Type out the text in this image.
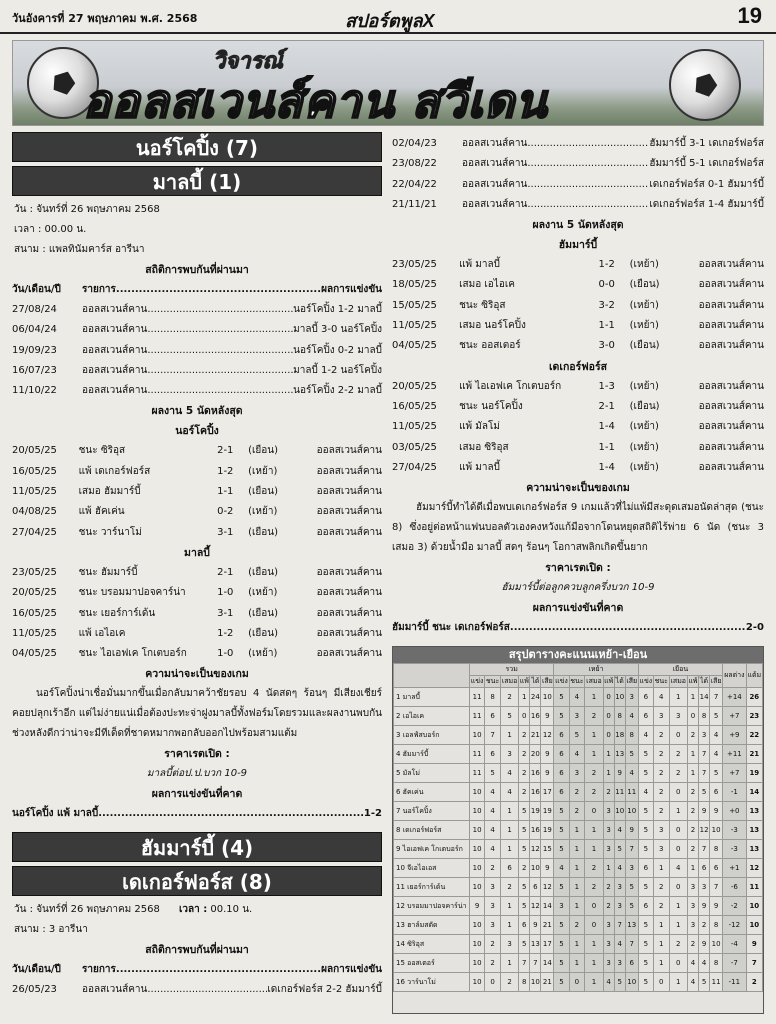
วันอังคารที่ 27 พฤษภาคม พ.ศ. 2568	สปอร์ตพูลX	19
วิจารณ์
ออลสเวนส์คาน สวีเดน
นอร์โคปิ้ง (7)
มาลบี้ (1)
วัน : จันทร์ที่ 26 พฤษภาคม 2568
เวลา : 00.00 น.
สนาม : แพลทินัมคาร์ส อารีนา
สถิติการพบกันที่ผ่านมา
วัน/เดือน/ปี	รายการ .....	ผลการแข่งขัน
27/08/24	ออลสเวนส์คาน .....	นอร์โคปิ้ง 1-2 มาลบี้
06/04/24	ออลสเวนส์คาน .....	มาลบี้ 3-0 นอร์โคปิ้ง
19/09/23	ออลสเวนส์คาน .....	นอร์โคปิ้ง 0-2 มาลบี้
16/07/23	ออลสเวนส์คาน .....	มาลบี้ 1-2 นอร์โคปิ้ง
11/10/22	ออลสเวนส์คาน .....	นอร์โคปิ้ง 2-2 มาลบี้
ผลงาน 5 นัดหลังสุด
นอร์โคปิ้ง
20/05/25	ชนะ ซิริอุส	2-1	(เยือน)	ออลสเวนส์คาน
16/05/25	แพ้ เดเกอร์ฟอร์ส	1-2	(เหย้า)	ออลสเวนส์คาน
11/05/25	เสมอ ฮัมมาร์บี้	1-1	(เยือน)	ออลสเวนส์คาน
04/08/25	แพ้ ฮัคเค่น	0-2	(เหย้า)	ออลสเวนส์คาน
27/04/25	ชนะ วาร์นาโม่	3-1	(เยือน)	ออลสเวนส์คาน
มาลบี้
23/05/25	ชนะ ฮัมมาร์บี้	2-1	(เยือน)	ออลสเวนส์คาน
20/05/25	ชนะ บรอมมาปอจคาร์น่า	1-0	(เหย้า)	ออลสเวนส์คาน
16/05/25	ชนะ เยอร์การ์เด้น	3-1	(เยือน)	ออลสเวนส์คาน
11/05/25	แพ้ เอไอเค	1-2	(เยือน)	ออลสเวนส์คาน
04/05/25	ชนะ ไอเอฟเค โกเตบอร์ก	1-0	(เหย้า)	ออลสเวนส์คาน
ความน่าจะเป็นของเกม
นอร์โคปิ้งน่าเชื่อมั่นมากขึ้นเมื่อกลับมาคว้าชัยรอบ 4 นัดสดๆ ร้อนๆ มีเสียงเชียร์คอยปลุกเร้าอีก แต่ไม่ง่ายแน่เมื่อต้องปะทะจ่าฝูงมาลบี้ทั้งฟอร์มโดยรวมและผลงานพบกันช่วงหลังดีกว่าน่าจะมีทีเด็ดที่ชาดหมากพอกลับออกไปพร้อมสามแต้ม
ราคาเรตเปิด :
มาลบี้ต่อป.ป.บวก 10-9
ผลการแข่งขันที่คาด
นอร์โคปิ้ง แพ้ มาลบี้ .....	1-2
ฮัมมาร์บี้ (4)
เดเกอร์ฟอร์ส (8)
วัน : จันทร์ที่ 26 พฤษภาคม 2568 เวลา : 00.10 น.
สนาม : 3 อารีนา
สถิติการพบกันที่ผ่านมา
วัน/เดือน/ปี	รายการ .....	ผลการแข่งขัน
26/05/23	ออลสเวนส์คาน .....	เดเกอร์ฟอร์ส 2-2 ฮัมมาร์บี้
02/04/23	ออลสเวนส์คาน .....	ฮัมมาร์บี้ 3-1 เดเกอร์ฟอร์ส
23/08/22	ออลสเวนส์คาน .....	ฮัมมาร์บี้ 5-1 เดเกอร์ฟอร์ส
22/04/22	ออลสเวนส์คาน .....	เดเกอร์ฟอร์ส 0-1 ฮัมมาร์บี้
21/11/21	ออลสเวนส์คาน .....	เดเกอร์ฟอร์ส 1-4 ฮัมมาร์บี้
ผลงาน 5 นัดหลังสุด
ฮัมมาร์บี้
23/05/25	แพ้ มาลบี้	1-2	(เหย้า)	ออลสเวนส์คาน
18/05/25	เสมอ เอไอเค	0-0	(เยือน)	ออลสเวนส์คาน
15/05/25	ชนะ ซิริอุส	3-2	(เหย้า)	ออลสเวนส์คาน
11/05/25	เสมอ นอร์โคปิ้ง	1-1	(เหย้า)	ออลสเวนส์คาน
04/05/25	ชนะ ออสเตอร์	3-0	(เยือน)	ออลสเวนส์คาน
เดเกอร์ฟอร์ส
20/05/25	แพ้ ไอเอฟเค โกเตบอร์ก	1-3	(เหย้า)	ออลสเวนส์คาน
16/05/25	ชนะ นอร์โคปิ้ง	2-1	(เยือน)	ออลสเวนส์คาน
11/05/25	แพ้ มัลโม่	1-4	(เหย้า)	ออลสเวนส์คาน
03/05/25	เสมอ ซิริอุส	1-1	(เหย้า)	ออลสเวนส์คาน
27/04/25	แพ้ มาลบี้	1-4	(เหย้า)	ออลสเวนส์คาน
ความน่าจะเป็นของเกม
ฮัมมาร์บี้ทำได้ดีเมื่อพบเดเกอร์ฟอร์ส 9 เกมแล้วที่ไม่แพ้มีสะดุดเสมอนัดล่าสุด (ชนะ 8) ซึ่งอยู่ต่อหน้าแฟนบอลตัวเองคงหวังแก้มือจากโดนหยุดสถิติไร้พ่าย 6 นัด (ชนะ 3 เสมอ 3) ด้วยน้ำมือ มาลบี้ สดๆ ร้อนๆ โอกาสพลิกเกิดขึ้นยาก
ราคาเรตเปิด :
ฮัมมาร์บี้ต่อลูกควบลูกครึ่งบวก 10-9
ผลการแข่งขันที่คาด
ฮัมมาร์บี้ ชนะ เดเกอร์ฟอร์ส .....	2-0
สรุปตารางคะแนนเหย้า-เยือน
	รวม						เหย้า						เยือน						ผลต่าง	แต้ม
	แข่ง	ชนะ	เสมอ	แพ้	ได้	เสีย	แข่ง	ชนะ	เสมอ	แพ้	ได้	เสีย	แข่ง	ชนะ	เสมอ	แพ้	ได้	เสีย		
1 มาลบี้	11	8	2	1	24	10	5	4	1	0	10	3	6	4	1	1	14	7	+14	26
2 เอไอเค	11	6	5	0	16	9	5	3	2	0	8	4	6	3	3	0	8	5	+7	23
3 เอลฟ์สบอร์ก	10	7	1	2	21	12	6	5	1	0	18	8	4	2	0	2	3	4	+9	22
4 ฮัมมาร์บี้	11	6	3	2	20	9	6	4	1	1	13	5	5	2	2	1	7	4	+11	21
5 มัลโม่	11	5	4	2	16	9	6	3	2	1	9	4	5	2	2	1	7	5	+7	19
6 ฮัคเค่น	10	4	4	2	16	17	6	2	2	2	11	11	4	2	0	2	5	6	-1	14
7 นอร์โคปิ้ง	10	4	1	5	19	19	5	2	0	3	10	10	5	2	1	2	9	9	+0	13
8 เดเกอร์ฟอร์ส	10	4	1	5	16	19	5	1	1	3	4	9	5	3	0	2	12	10	-3	13
9 ไอเอฟเค โกเตบอร์ก	10	4	1	5	12	15	5	1	1	3	5	7	5	3	0	2	7	8	-3	13
10 จีเอไอเอส	10	2	6	2	10	9	4	1	2	1	4	3	6	1	4	1	6	6	+1	12
11 เยอร์การ์เด้น	10	3	2	5	6	12	5	1	2	2	3	5	5	2	0	3	3	7	-6	11
12 บรอมมาปอจคาร์น่า	9	3	1	5	12	14	3	1	0	2	3	5	6	2	1	3	9	9	-2	10
13 ฮาล์มสตัด	10	3	1	6	9	21	5	2	0	3	7	13	5	1	1	3	2	8	-12	10
14 ซิริอุส	10	2	3	5	13	17	5	1	1	3	4	7	5	1	2	2	9	10	-4	9
15 ออสเตอร์	10	2	1	7	7	14	5	1	1	3	3	6	5	1	0	4	4	8	-7	7
16 วาร์นาโม่	10	0	2	8	10	21	5	0	1	4	5	10	5	0	1	4	5	11	-11	2
